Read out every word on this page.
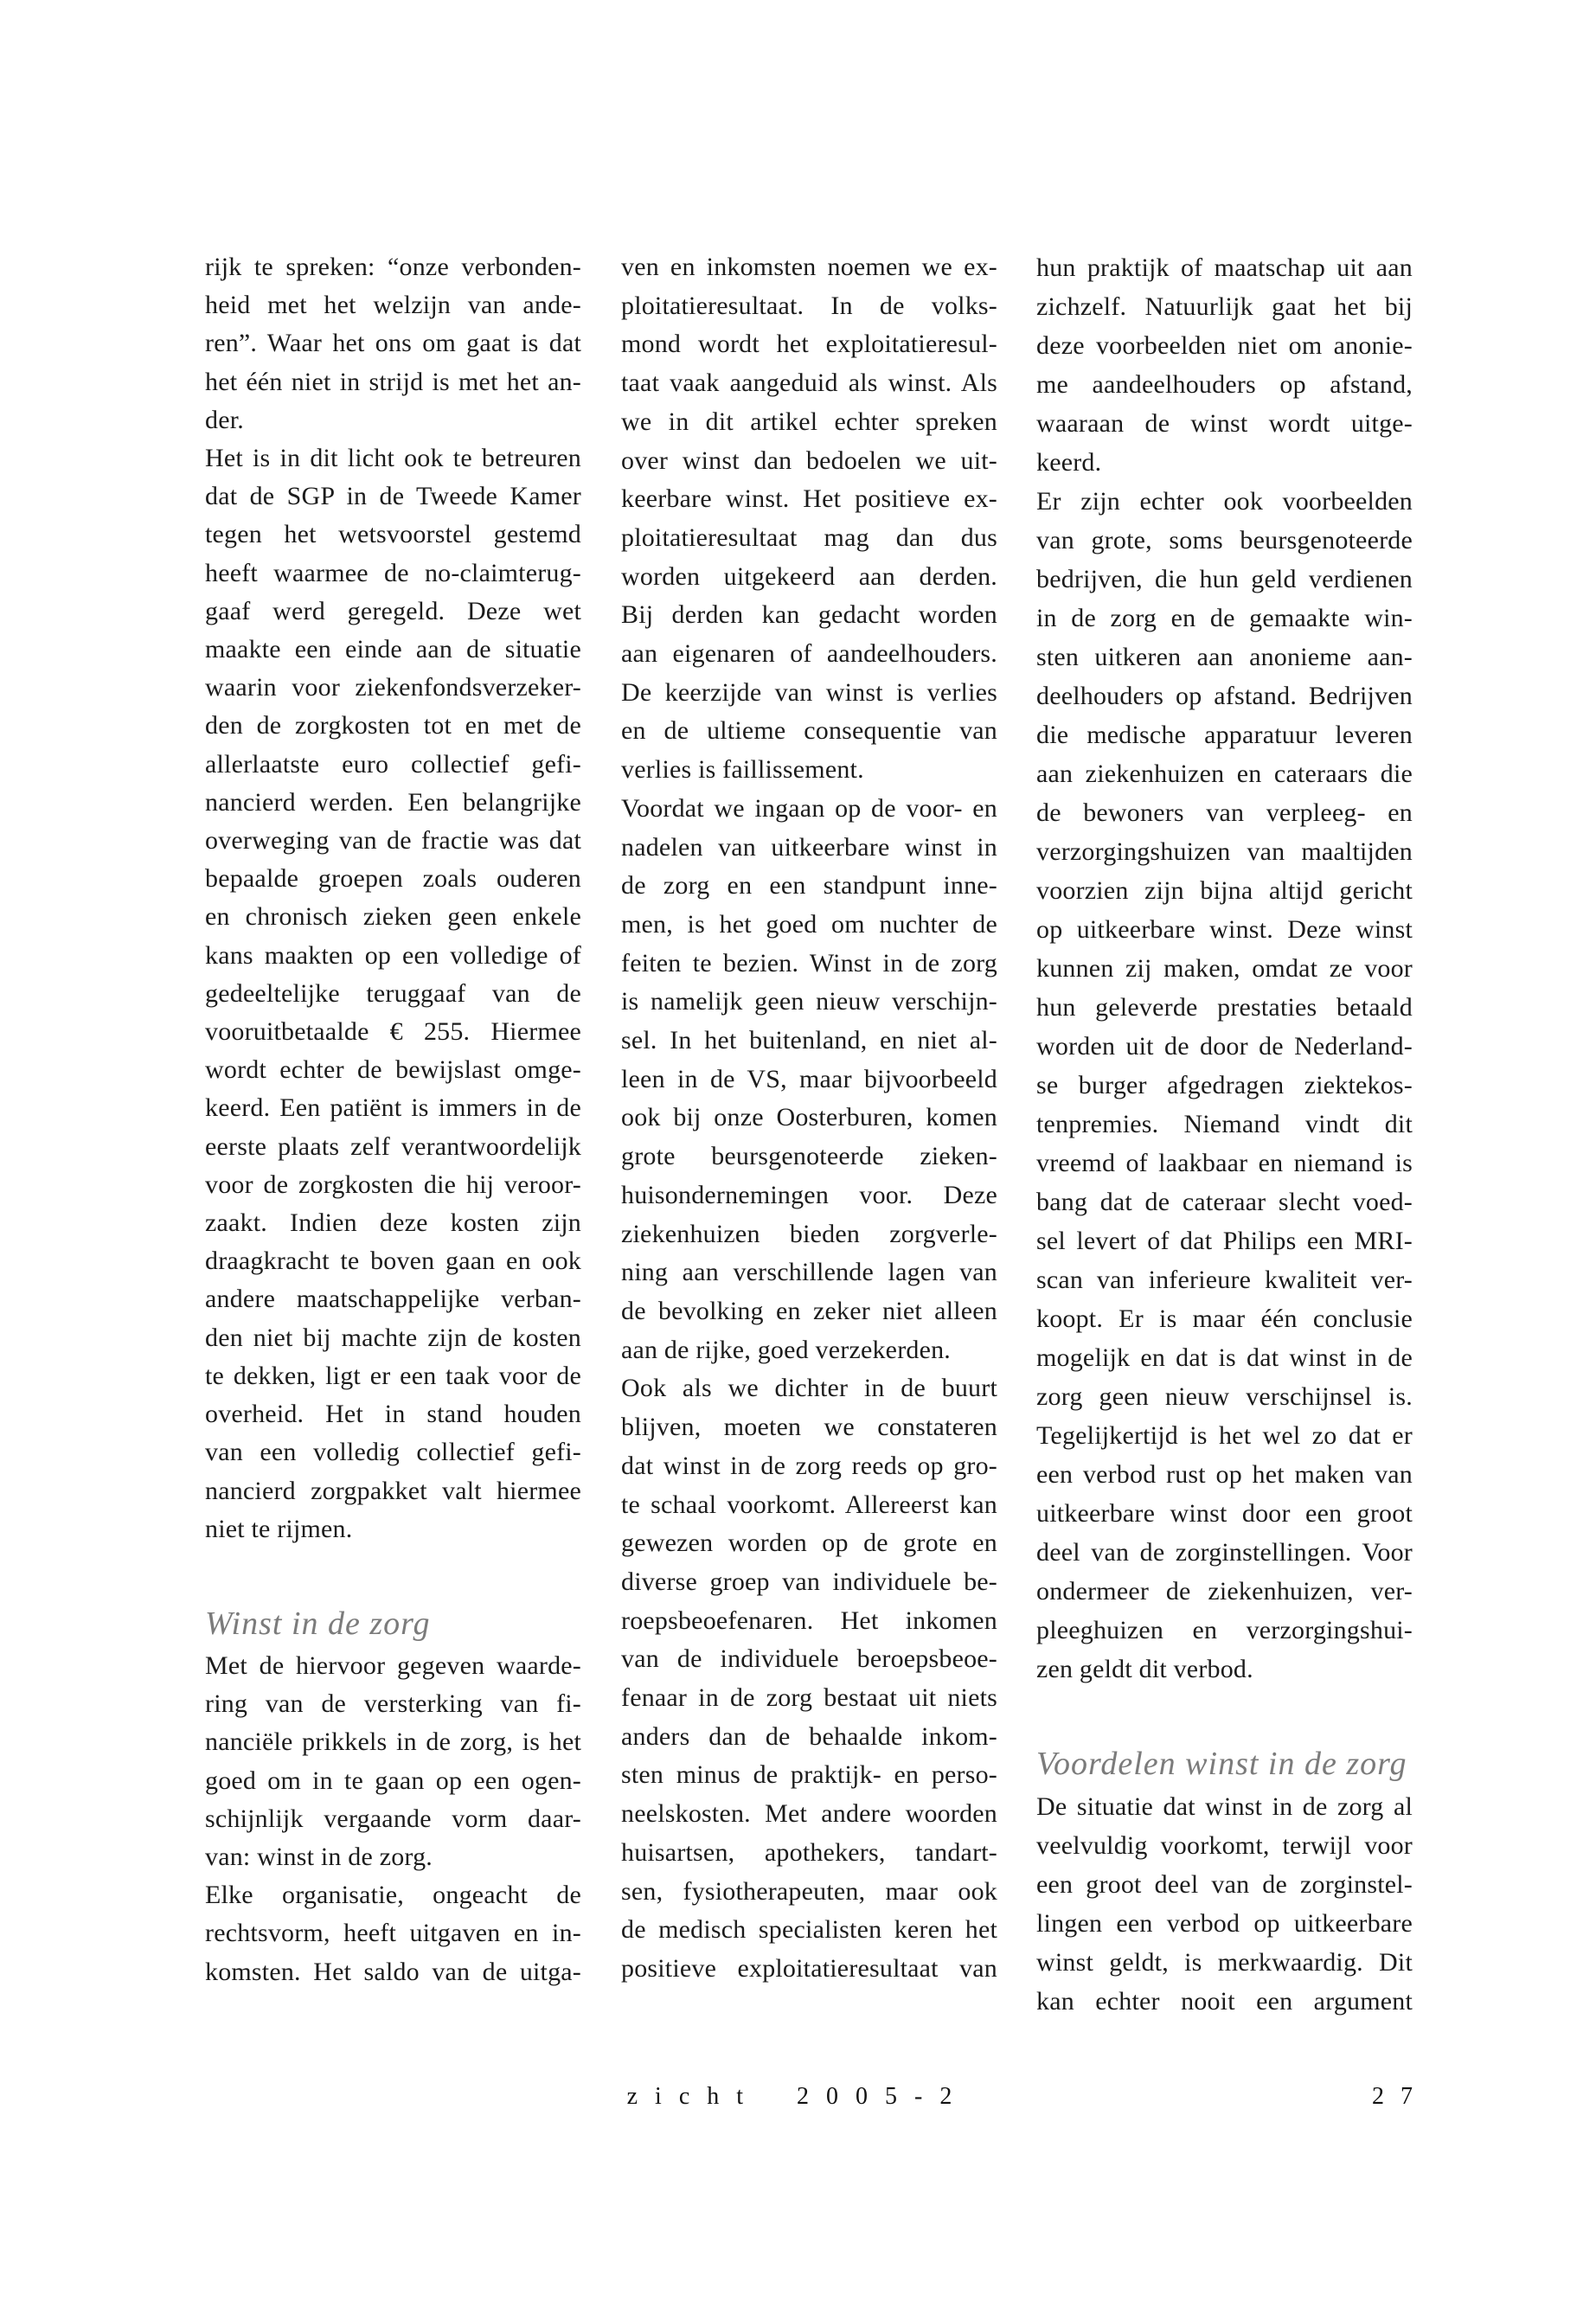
rijk te spreken: “onze verbonden-
heid met het welzijn van ande-
ren”. Waar het ons om gaat is dat
het één niet in strijd is met het an-
der.
Het is in dit licht ook te betreuren
dat de SGP in de Tweede Kamer
tegen het wetsvoorstel gestemd
heeft waarmee de no-claimterug-
gaaf werd geregeld. Deze wet
maakte een einde aan de situatie
waarin voor ziekenfondsverzeker-
den de zorgkosten tot en met de
allerlaatste euro collectief gefi-
nancierd werden. Een belangrijke
overweging van de fractie was dat
bepaalde groepen zoals ouderen
en chronisch zieken geen enkele
kans maakten op een volledige of
gedeeltelijke teruggaaf van de
vooruitbetaalde € 255. Hiermee
wordt echter de bewijslast omge-
keerd. Een patiënt is immers in de
eerste plaats zelf verantwoordelijk
voor de zorgkosten die hij veroor-
zaakt. Indien deze kosten zijn
draagkracht te boven gaan en ook
andere maatschappelijke verban-
den niet bij machte zijn de kosten
te dekken, ligt er een taak voor de
overheid. Het in stand houden
van een volledig collectief gefi-
nancierd zorgpakket valt hiermee
niet te rijmen.
Winst in de zorg
Met de hiervoor gegeven waarde-
ring van de versterking van fi-
nanciële prikkels in de zorg, is het
goed om in te gaan op een ogen-
schijnlijk vergaande vorm daar-
van: winst in de zorg.
Elke organisatie, ongeacht de
rechtsvorm, heeft uitgaven en in-
komsten. Het saldo van de uitga-
ven en inkomsten noemen we ex-
ploitatieresultaat. In de volks-
mond wordt het exploitatieresul-
taat vaak aangeduid als winst. Als
we in dit artikel echter spreken
over winst dan bedoelen we uit-
keerbare winst. Het positieve ex-
ploitatieresultaat mag dan dus
worden uitgekeerd aan derden.
Bij derden kan gedacht worden
aan eigenaren of aandeelhouders.
De keerzijde van winst is verlies
en de ultieme consequentie van
verlies is faillissement.
Voordat we ingaan op de voor- en
nadelen van uitkeerbare winst in
de zorg en een standpunt inne-
men, is het goed om nuchter de
feiten te bezien. Winst in de zorg
is namelijk geen nieuw verschijn-
sel. In het buitenland, en niet al-
leen in de VS, maar bijvoorbeeld
ook bij onze Oosterburen, komen
grote beursgenoteerde zieken-
huisondernemingen voor. Deze
ziekenhuizen bieden zorgverle-
ning aan verschillende lagen van
de bevolking en zeker niet alleen
aan de rijke, goed verzekerden.
Ook als we dichter in de buurt
blijven, moeten we constateren
dat winst in de zorg reeds op gro-
te schaal voorkomt. Allereerst kan
gewezen worden op de grote en
diverse groep van individuele be-
roepsbeoefenaren. Het inkomen
van de individuele beroepsbeoe-
fenaar in de zorg bestaat uit niets
anders dan de behaalde inkom-
sten minus de praktijk- en perso-
neelskosten. Met andere woorden
huisartsen, apothekers, tandart-
sen, fysiotherapeuten, maar ook
de medisch specialisten keren het
positieve exploitatieresultaat van
hun praktijk of maatschap uit aan
zichzelf. Natuurlijk gaat het bij
deze voorbeelden niet om anonie-
me aandeelhouders op afstand,
waaraan de winst wordt uitge-
keerd.
Er zijn echter ook voorbeelden
van grote, soms beursgenoteerde
bedrijven, die hun geld verdienen
in de zorg en de gemaakte win-
sten uitkeren aan anonieme aan-
deelhouders op afstand. Bedrijven
die medische apparatuur leveren
aan ziekenhuizen en cateraars die
de bewoners van verpleeg- en
verzorgingshuizen van maaltijden
voorzien zijn bijna altijd gericht
op uitkeerbare winst. Deze winst
kunnen zij maken, omdat ze voor
hun geleverde prestaties betaald
worden uit de door de Nederland-
se burger afgedragen ziektekos-
tenpremies. Niemand vindt dit
vreemd of laakbaar en niemand is
bang dat de cateraar slecht voed-
sel levert of dat Philips een MRI-
scan van inferieure kwaliteit ver-
koopt. Er is maar één conclusie
mogelijk en dat is dat winst in de
zorg geen nieuw verschijnsel is.
Tegelijkertijd is het wel zo dat er
een verbod rust op het maken van
uitkeerbare winst door een groot
deel van de zorginstellingen. Voor
ondermeer de ziekenhuizen, ver-
pleeghuizen en verzorgingshui-
zen geldt dit verbod.
Voordelen winst in de zorg
De situatie dat winst in de zorg al
veelvuldig voorkomt, terwijl voor
een groot deel van de zorginstel-
lingen een verbod op uitkeerbare
winst geldt, is merkwaardig. Dit
kan echter nooit een argument
zicht 2005-2	27
